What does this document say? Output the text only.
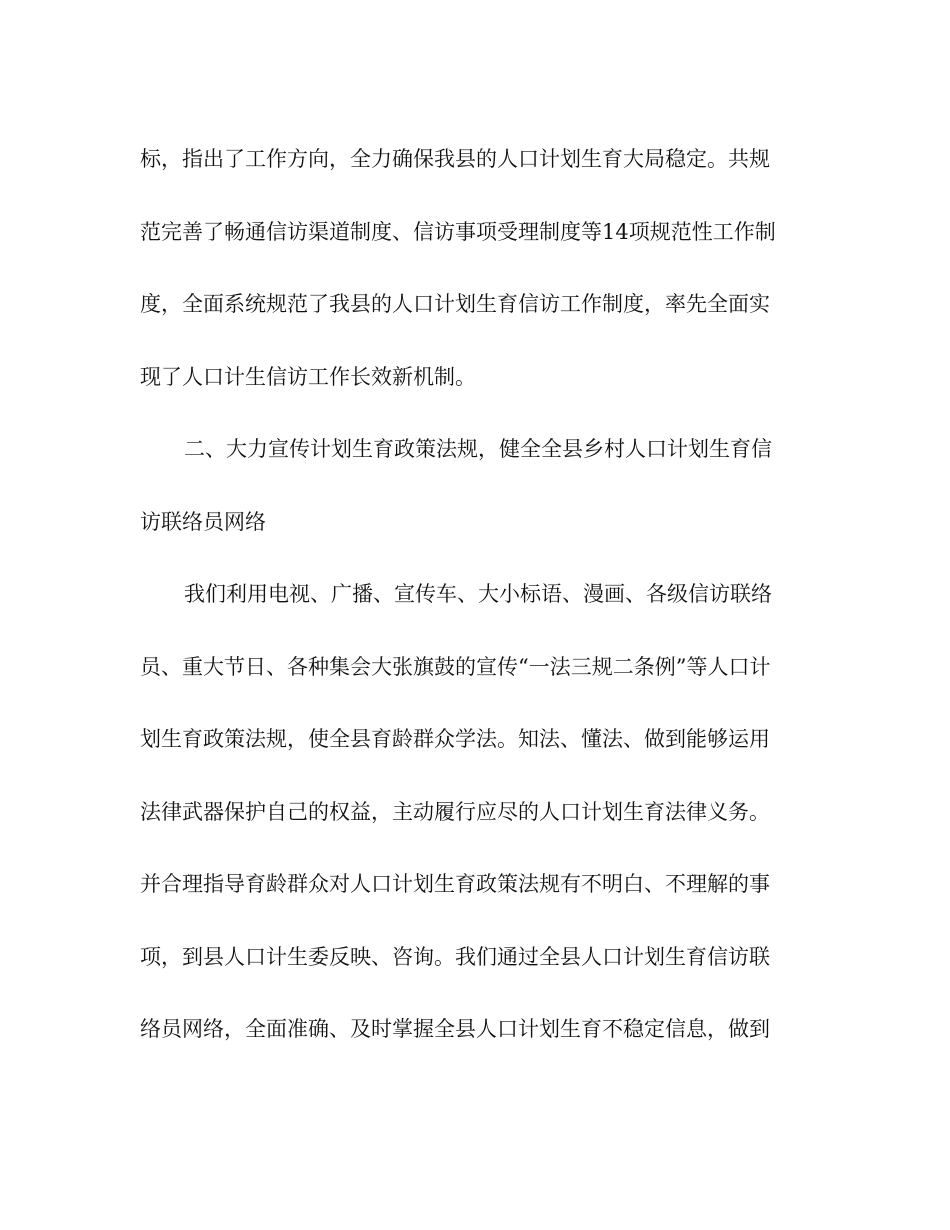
标，指出了工作方向，全力确保我县的人口计划生育大局稳定。共规
范完善了畅通信访渠道制度、信访事项受理制度等14项规范性工作制
度，全面系统规范了我县的人口计划生育信访工作制度，率先全面实
现了人口计生信访工作长效新机制。
二、大力宣传计划生育政策法规，健全全县乡村人口计划生育信
访联络员网络
我们利用电视、广播、宣传车、大小标语、漫画、各级信访联络
员、重大节日、各种集会大张旗鼓的宣传“一法三规二条例”等人口计
划生育政策法规，使全县育龄群众学法。知法、懂法、做到能够运用
法律武器保护自己的权益，主动履行应尽的人口计划生育法律义务。
并合理指导育龄群众对人口计划生育政策法规有不明白、不理解的事
项，到县人口计生委反映、咨询。我们通过全县人口计划生育信访联
络员网络，全面准确、及时掌握全县人口计划生育不稳定信息，做到
